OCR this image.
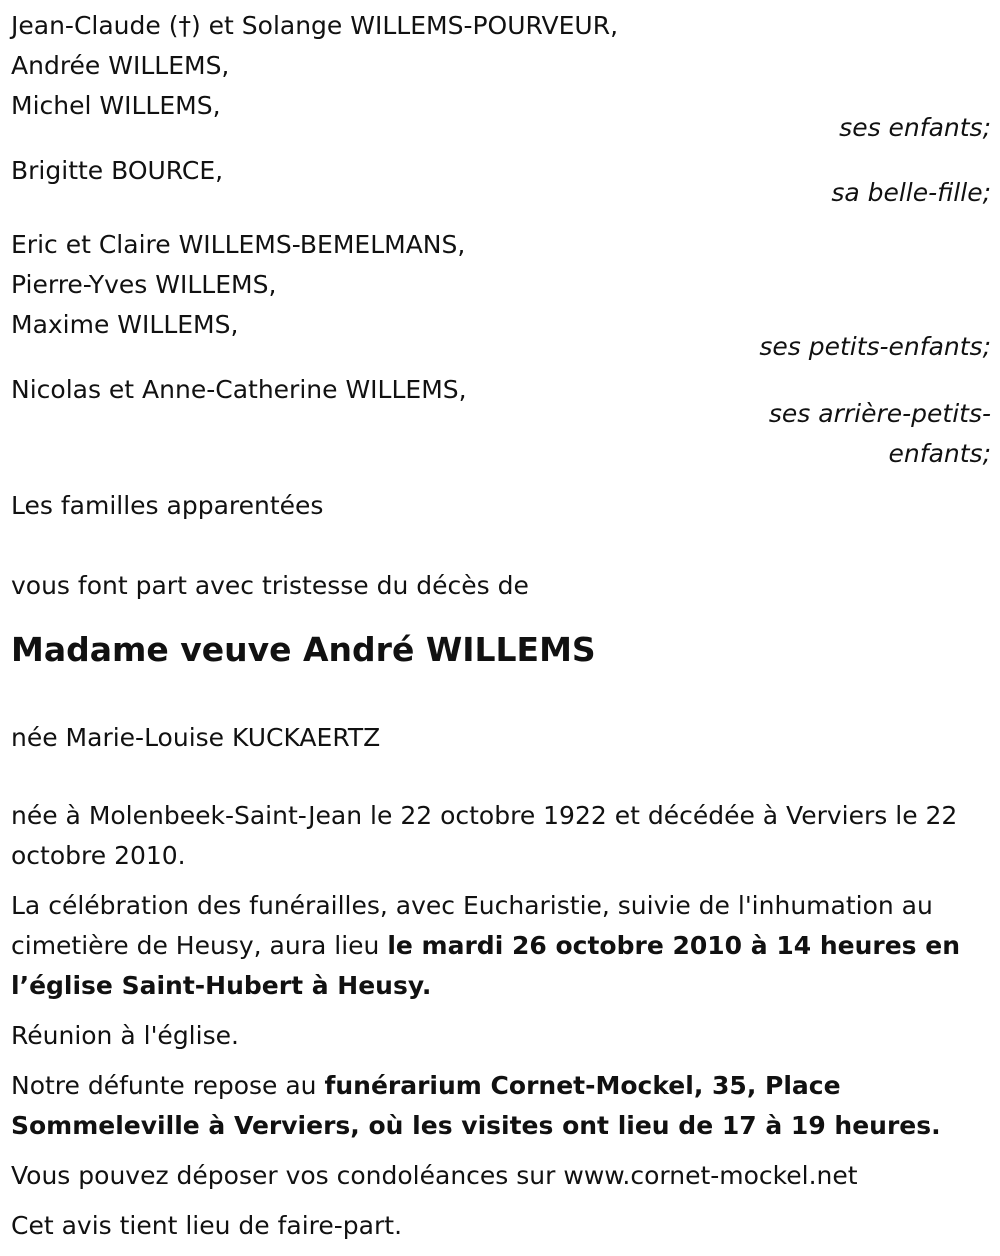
Jean-Claude (†) et Solange WILLEMS-POURVEUR,
Andrée WILLEMS,
Michel WILLEMS,
ses enfants;
Brigitte BOURCE,
sa belle-fille;
Eric et Claire WILLEMS-BEMELMANS,
Pierre-Yves WILLEMS,
Maxime WILLEMS,
ses petits-enfants;
Nicolas et Anne-Catherine WILLEMS,
ses arrière-petits-
enfants;
Les familles apparentées
vous font part avec tristesse du décès de
Madame veuve André WILLEMS
née Marie-Louise KUCKAERTZ

née à Molenbeek-Saint-Jean le 22 octobre 1922 et décédée à Verviers le 22 octobre 2010.

La célébration des funérailles, avec Eucharistie, suivie de l'inhumation au cimetière de Heusy, aura lieu le mardi 26 octobre 2010 à 14 heures en l’église Saint-Hubert à Heusy.

Réunion à l'église.

Notre défunte repose au funérarium Cornet-Mockel, 35, Place Sommeleville à Verviers, où les visites ont lieu de 17 à 19 heures.

Vous pouvez déposer vos condoléances sur www.cornet-mockel.net

Cet avis tient lieu de faire-part.
